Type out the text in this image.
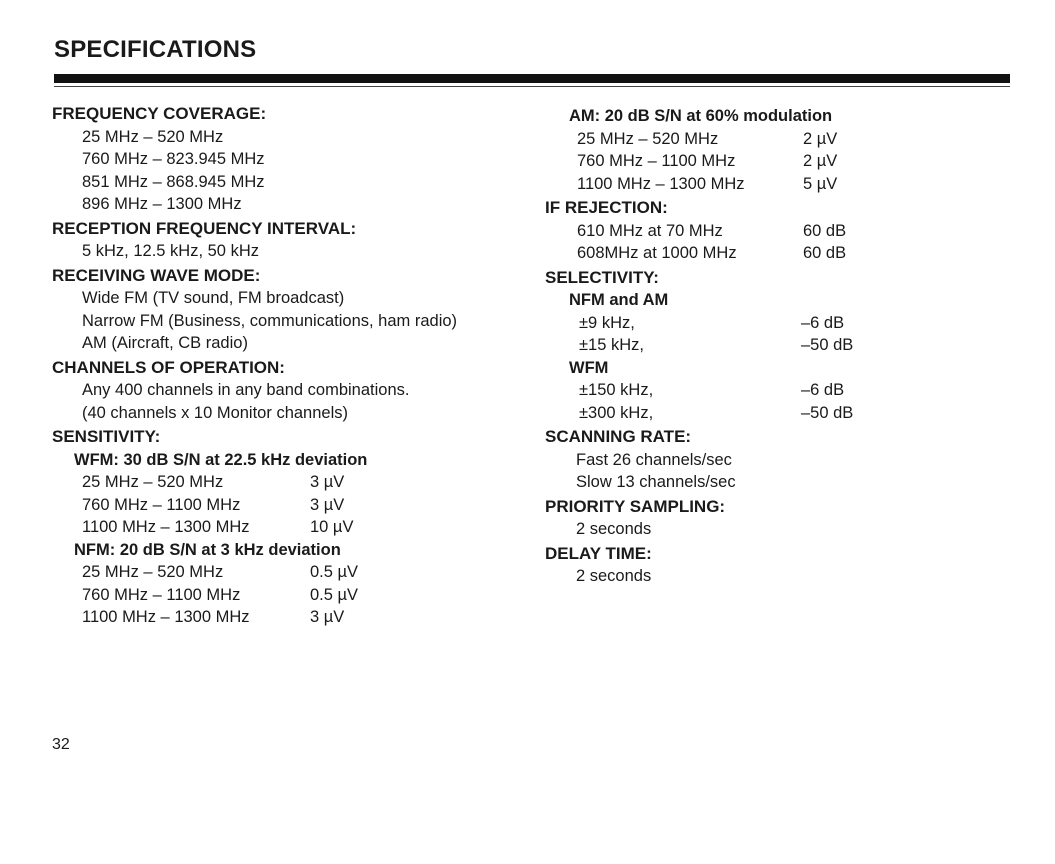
SPECIFICATIONS
FREQUENCY COVERAGE:
25 MHz – 520 MHz
760 MHz – 823.945 MHz
851 MHz – 868.945 MHz
896 MHz – 1300 MHz
RECEPTION FREQUENCY INTERVAL:
5 kHz, 12.5 kHz, 50 kHz
RECEIVING WAVE MODE:
Wide FM (TV sound, FM broadcast)
Narrow FM (Business, communications, ham radio)
AM (Aircraft, CB radio)
CHANNELS OF OPERATION:
Any 400 channels in any band combinations.
(40 channels x 10 Monitor channels)
SENSITIVITY:
WFM: 30 dB S/N at 22.5 kHz deviation
25 MHz – 520 MHz	3 µV
760 MHz – 1100 MHz	3 µV
1100 MHz – 1300 MHz	10 µV
NFM: 20 dB S/N at 3 kHz deviation
25 MHz – 520 MHz	0.5 µV
760 MHz – 1100 MHz	0.5 µV
1100 MHz – 1300 MHz	3 µV
AM: 20 dB S/N at 60% modulation
25 MHz – 520 MHz	2 µV
760 MHz – 1100 MHz	2 µV
1100 MHz – 1300 MHz	5 µV
IF REJECTION:
610 MHz at 70 MHz	60 dB
608MHz at 1000 MHz	60 dB
SELECTIVITY:
NFM and AM
±9 kHz,	–6 dB
±15 kHz,	–50 dB
WFM
±150 kHz,	–6 dB
±300 kHz,	–50 dB
SCANNING RATE:
Fast 26 channels/sec
Slow 13 channels/sec
PRIORITY SAMPLING:
2 seconds
DELAY TIME:
2 seconds
32
